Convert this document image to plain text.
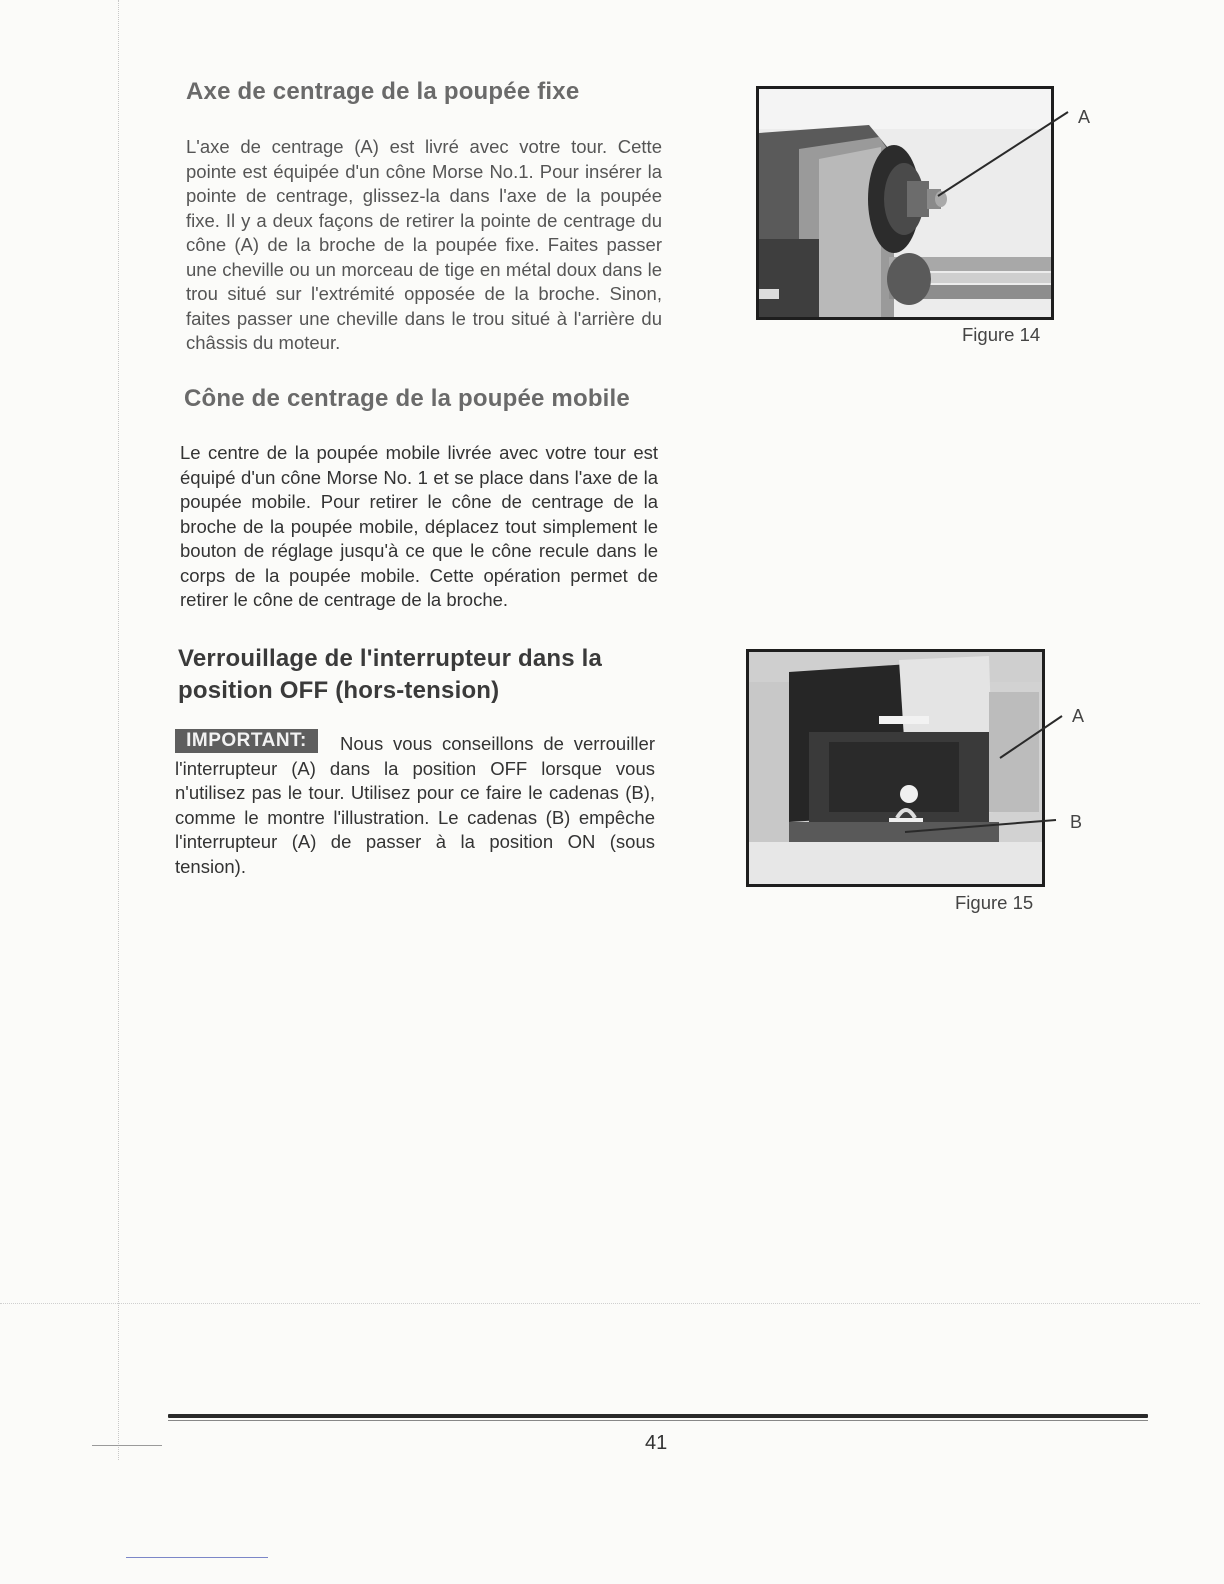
Axe de centrage de la poupée fixe
L'axe de centrage (A) est livré avec votre tour. Cette pointe est équipée d'un cône Morse No.1. Pour insérer la pointe de centrage, glissez-la dans l'axe de la poupée fixe. Il y a deux façons de retirer la pointe de centrage du cône (A) de la broche de la poupée fixe. Faites passer une cheville ou un morceau de tige en métal doux dans le trou situé sur l'extrémité opposée de la broche. Sinon, faites passer une cheville dans le trou situé à l'arrière du châssis du moteur.
Cône de centrage de la poupée mobile
Le centre de la poupée mobile livrée avec votre tour est équipé d'un cône Morse No. 1 et se place dans l'axe de la poupée mobile. Pour retirer le cône de centrage de la broche de la poupée mobile, déplacez tout simplement le bouton de réglage jusqu'à ce que le cône recule dans le corps de la poupée mobile. Cette opération permet de retirer le cône de centrage de la broche.
Verrouillage de l'interrupteur dans la position OFF (hors-tension)
Nous vous conseillons de verrouiller l'interrupteur (A) dans la position OFF lorsque vous n'utilisez pas le tour. Utilisez pour ce faire le cadenas (B), comme le montre l'illustration. Le cadenas (B) empêche l'interrupteur (A) de passer à la position ON (sous tension).
IMPORTANT:
A
Figure 14
A
B
Figure 15
41
